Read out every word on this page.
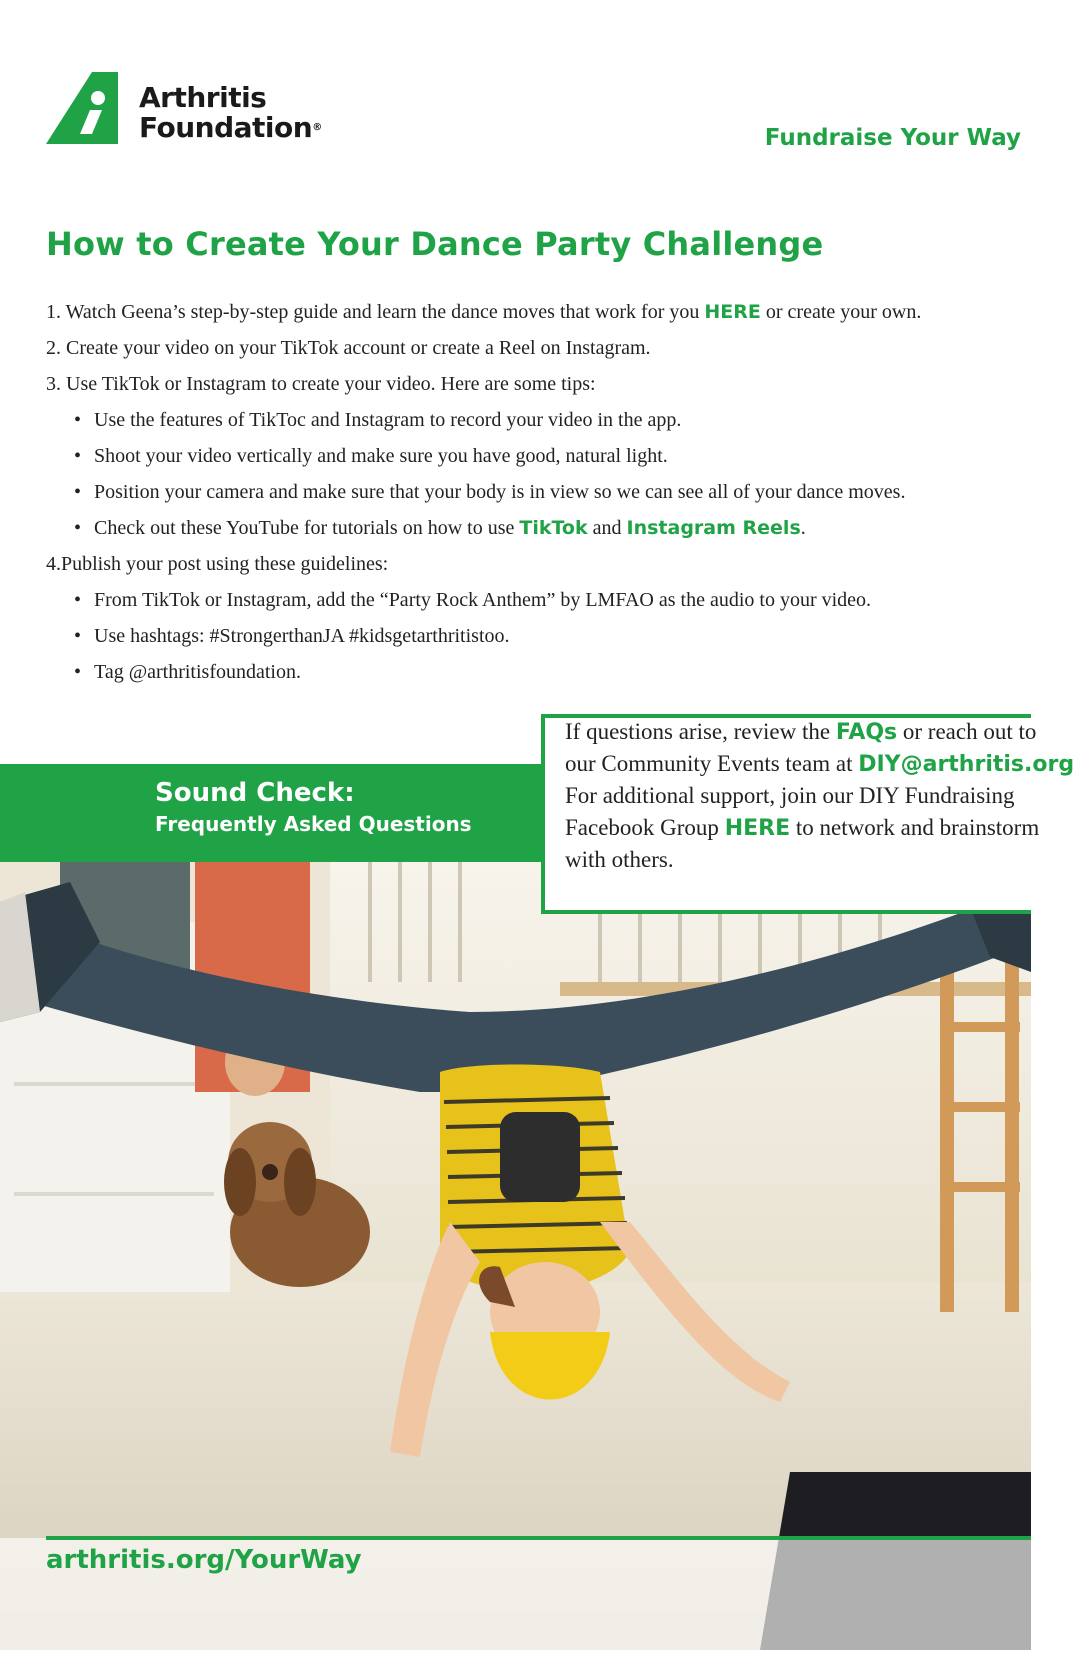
Arthritis
Foundation®	Fundraise Your Way
How to Create Your Dance Party Challenge
1. Watch Geena’s step-by-step guide and learn the dance moves that work for you HERE or create your own.
2. Create your video on your TikTok account or create a Reel on Instagram.
3. Use TikTok or Instagram to create your video. Here are some tips:
• Use the features of TikToc and Instagram to record your video in the app.
• Shoot your video vertically and make sure you have good, natural light.
• Position your camera and make sure that your body is in view so we can see all of your dance moves.
• Check out these YouTube for tutorials on how to use TikTok and Instagram Reels.
4.Publish your post using these guidelines:
• From TikTok or Instagram, add the “Party Rock Anthem” by LMFAO as the audio to your video.
• Use hashtags: #StrongerthanJA #kidsgetarthritistoo.
• Tag @arthritisfoundation.
Sound Check:
Frequently Asked Questions
If questions arise, review the FAQs or reach out to
our Community Events team at DIY@arthritis.org
For additional support, join our DIY Fundraising
Facebook Group HERE to network and brainstorm
with others.
arthritis.org/YourWay
